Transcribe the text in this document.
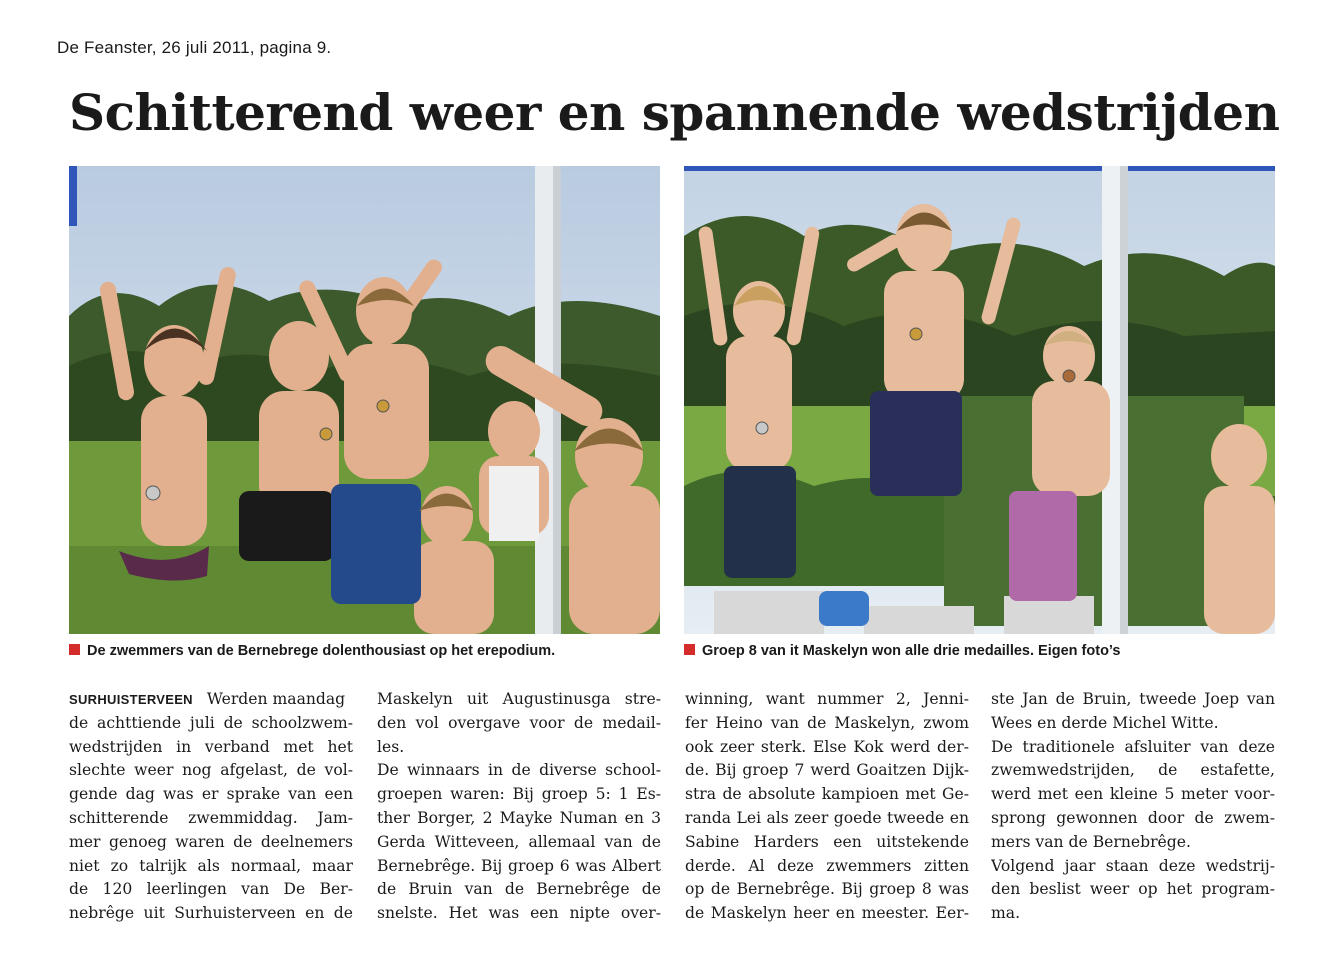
De Feanster, 26 juli 2011, pagina 9.
Schitterend weer en spannende wedstrijden
De zwemmers van de Bernebrege dolenthousiast op het erepodium.	Groep 8 van it Maskelyn won alle drie medailles. Eigen foto’s
SURHUISTERVEEN Werden maandag
de achttiende juli de schoolzwem-
wedstrijden in verband met het
slechte weer nog afgelast, de vol-
gende dag was er sprake van een
schitterende zwemmiddag. Jam-
mer genoeg waren de deelnemers
niet zo talrijk als normaal, maar
de 120 leerlingen van De Ber-
nebrêge uit Surhuisterveen en de
Maskelyn uit Augustinusga stre-
den vol overgave voor de medail-
les.
De winnaars in de diverse school-
groepen waren: Bij groep 5: 1 Es-
ther Borger, 2 Mayke Numan en 3
Gerda Witteveen, allemaal van de
Bernebrêge. Bij groep 6 was Albert
de Bruin van de Bernebrêge de
snelste. Het was een nipte over-
winning, want nummer 2, Jenni-
fer Heino van de Maskelyn, zwom
ook zeer sterk. Else Kok werd der-
de. Bij groep 7 werd Goaitzen Dijk-
stra de absolute kampioen met Ge-
randa Lei als zeer goede tweede en
Sabine Harders een uitstekende
derde. Al deze zwemmers zitten
op de Bernebrêge. Bij groep 8 was
de Maskelyn heer en meester. Eer-
ste Jan de Bruin, tweede Joep van
Wees en derde Michel Witte.
De traditionele afsluiter van deze
zwemwedstrijden, de estafette,
werd met een kleine 5 meter voor-
sprong gewonnen door de zwem-
mers van de Bernebrêge.
Volgend jaar staan deze wedstrij-
den beslist weer op het program-
ma.
